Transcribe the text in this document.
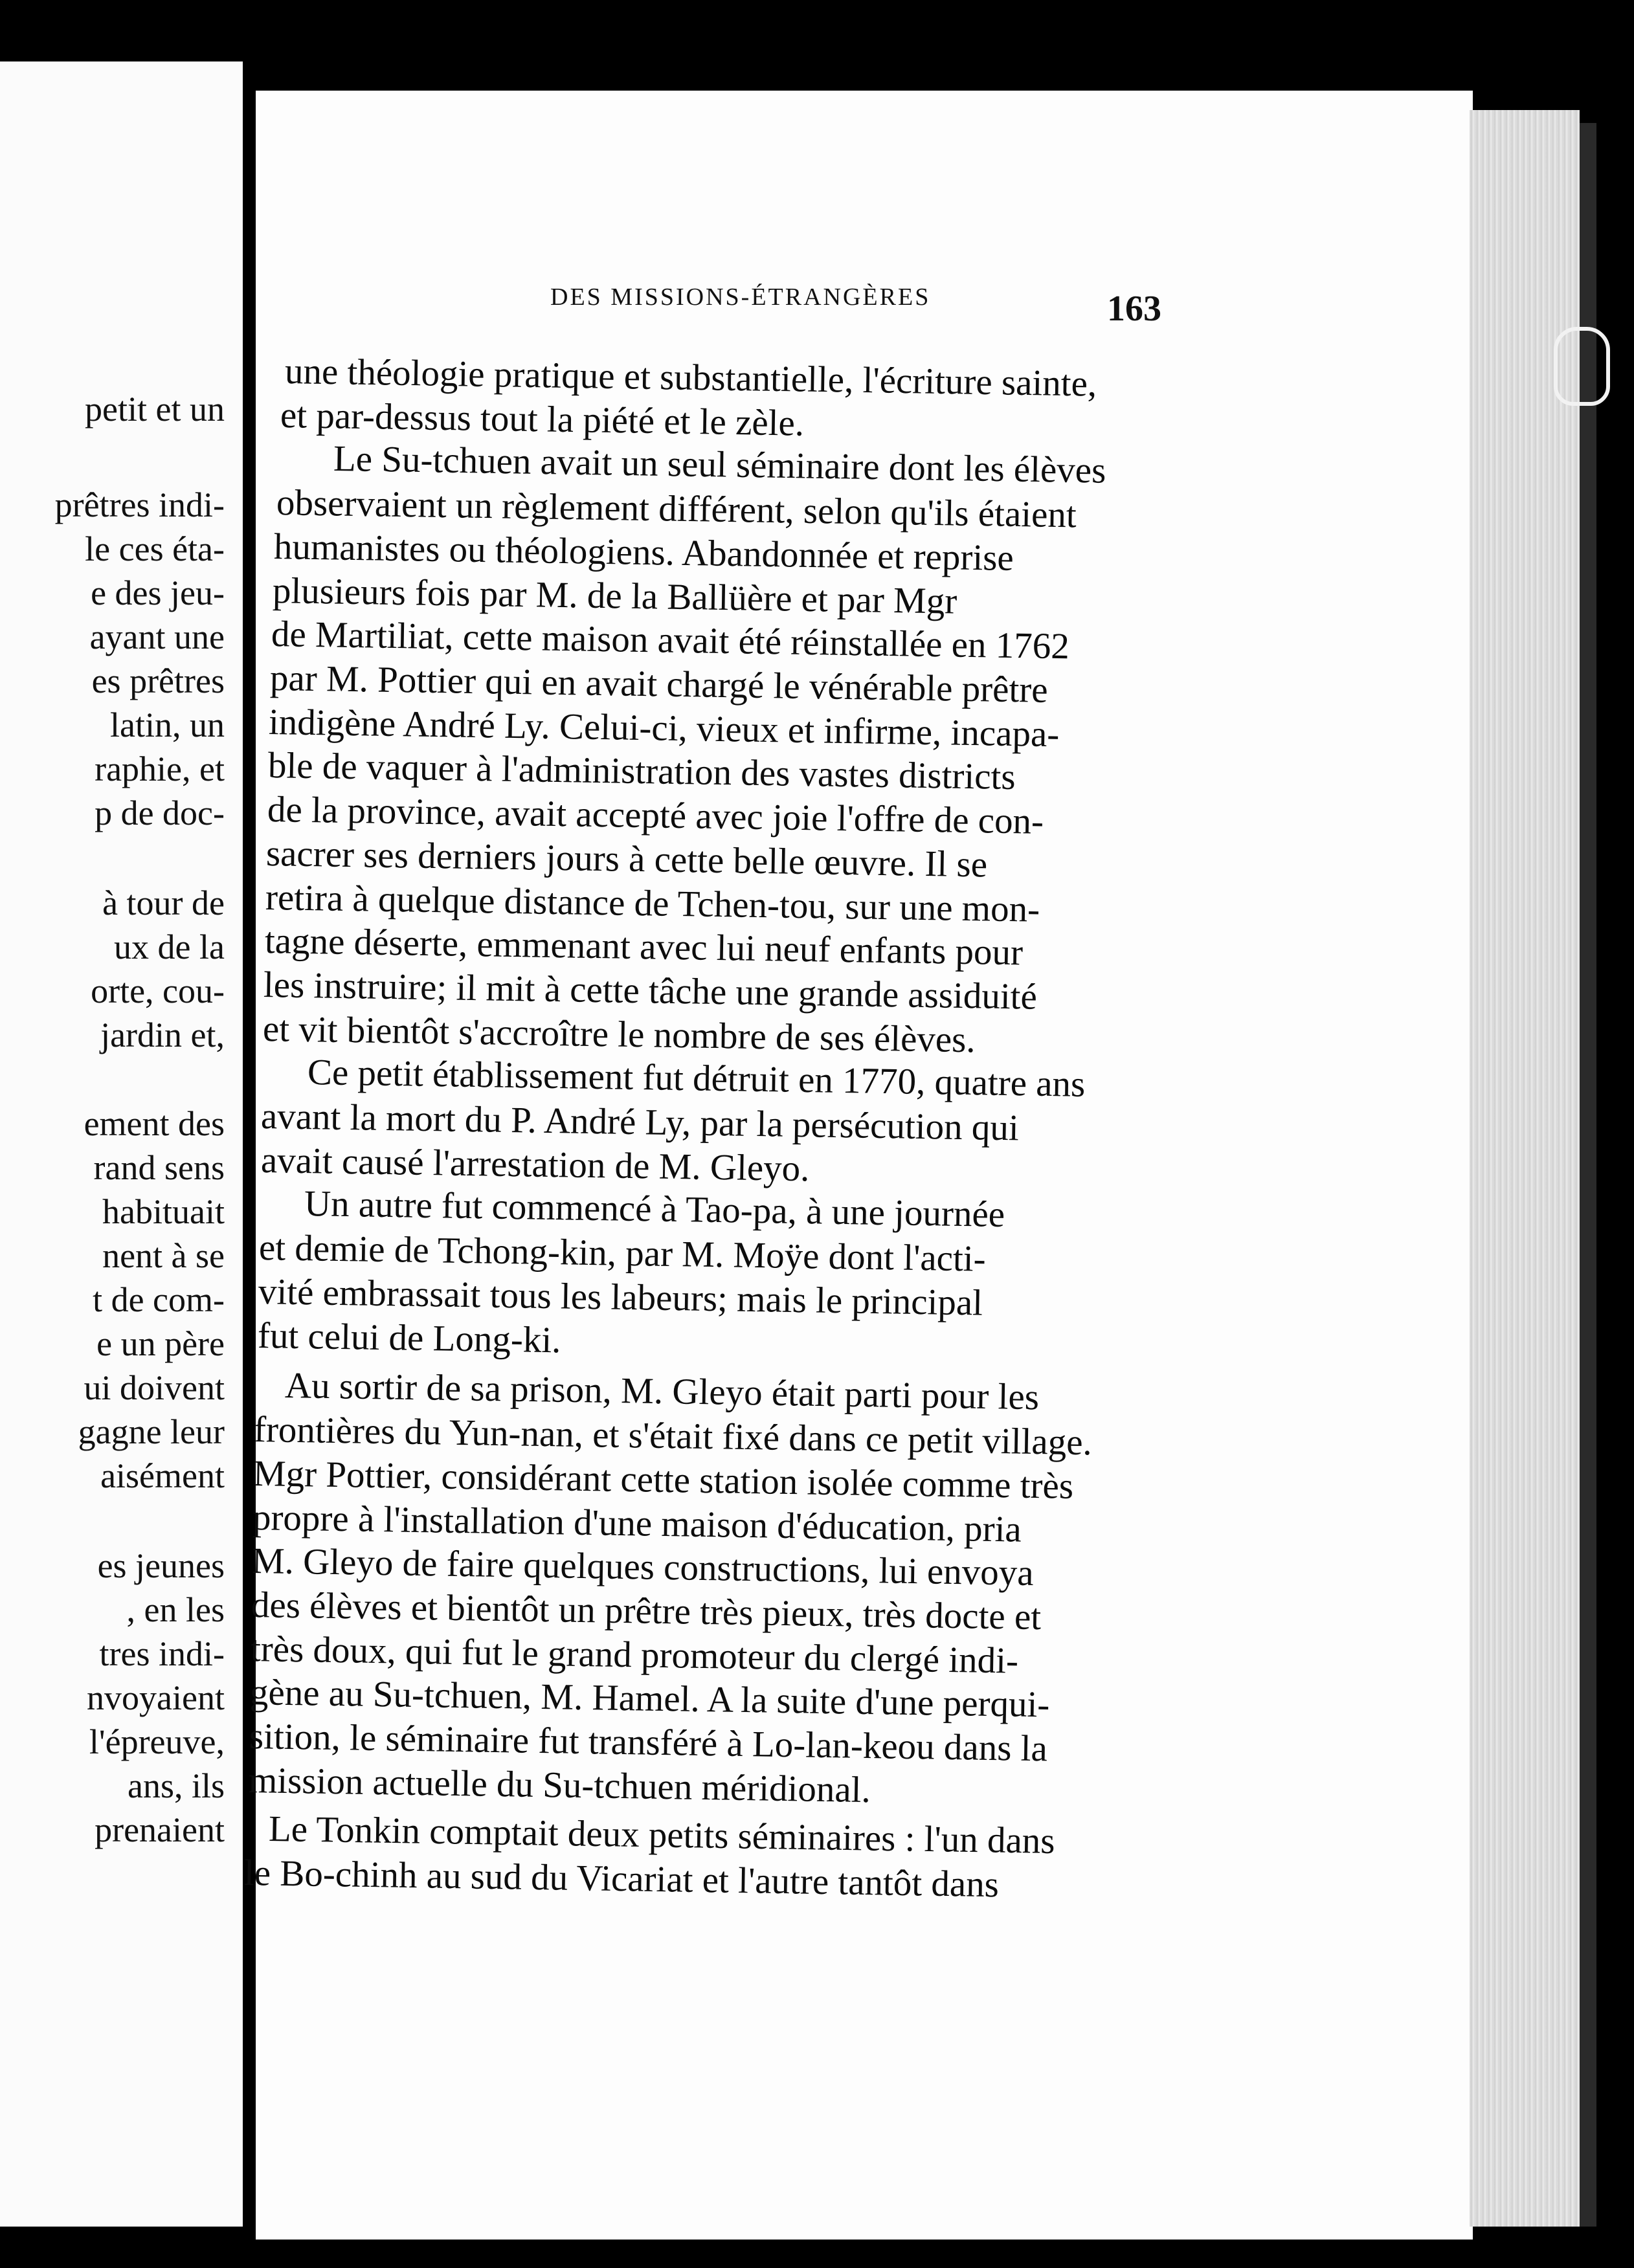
petit et un
prêtres indi-
le ces éta-
e des jeu-
ayant une
es prêtres
latin, un
raphie, et
p de doc-
à tour de
ux de la
orte, cou-
jardin et,
ement des
rand sens
habituait
nent à se
t de com-
e un père
ui doivent
gagne leur
aisément
es jeunes
, en les
tres indi-
nvoyaient
l'épreuve,
ans, ils
prenaient
DES MISSIONS-ÉTRANGÈRES	163
une théologie pratique et substantielle, l'écriture sainte,
et par-dessus tout la piété et le zèle.
Le Su-tchuen avait un seul séminaire dont les élèves
observaient un règlement différent, selon qu'ils étaient
humanistes ou théologiens. Abandonnée et reprise
plusieurs fois par M. de la Ballüère et par Mgr
de Martiliat, cette maison avait été réinstallée en 1762
par M. Pottier qui en avait chargé le vénérable prêtre
indigène André Ly. Celui-ci, vieux et infirme, incapa-
ble de vaquer à l'administration des vastes districts
de la province, avait accepté avec joie l'offre de con-
sacrer ses derniers jours à cette belle œuvre. Il se
retira à quelque distance de Tchen-tou, sur une mon-
tagne déserte, emmenant avec lui neuf enfants pour
les instruire; il mit à cette tâche une grande assiduité
et vit bientôt s'accroître le nombre de ses élèves.
Ce petit établissement fut détruit en 1770, quatre ans
avant la mort du P. André Ly, par la persécution qui
avait causé l'arrestation de M. Gleyo.
Un autre fut commencé à Tao-pa, à une journée
et demie de Tchong-kin, par M. Moÿe dont l'acti-
vité embrassait tous les labeurs; mais le principal
fut celui de Long-ki.
Au sortir de sa prison, M. Gleyo était parti pour les
frontières du Yun-nan, et s'était fixé dans ce petit village.
Mgr Pottier, considérant cette station isolée comme très
propre à l'installation d'une maison d'éducation, pria
M. Gleyo de faire quelques constructions, lui envoya
des élèves et bientôt un prêtre très pieux, très docte et
très doux, qui fut le grand promoteur du clergé indi-
gène au Su-tchuen, M. Hamel. A la suite d'une perqui-
sition, le séminaire fut transféré à Lo-lan-keou dans la
mission actuelle du Su-tchuen méridional.
Le Tonkin comptait deux petits séminaires : l'un dans
le Bo-chinh au sud du Vicariat et l'autre tantôt dans
